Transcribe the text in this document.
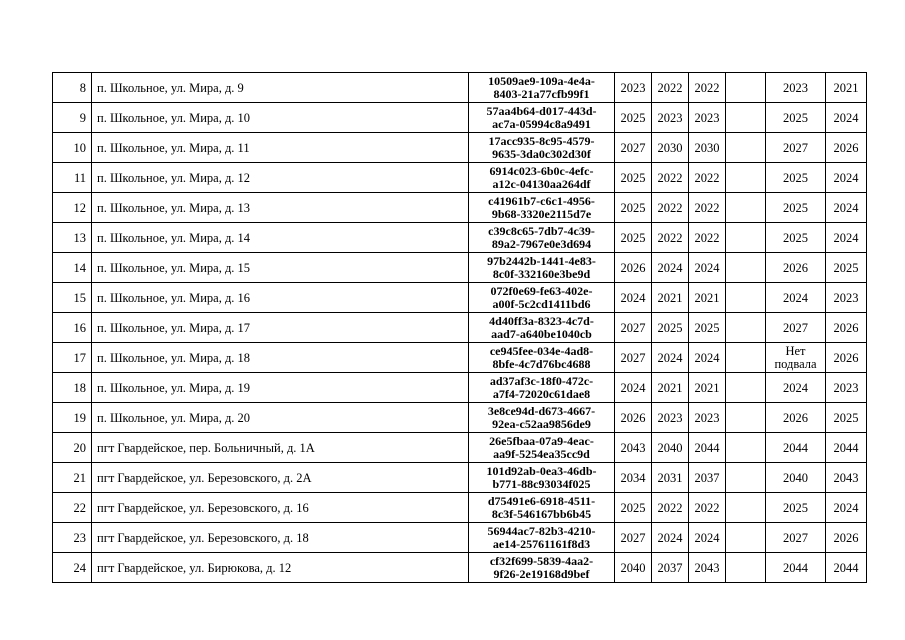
8	п. Школьное, ул. Мира, д. 9	10509ae9-109a-4e4a-
8403-21a77cfb99f1	2023	2022	2022		2023	2021
9	п. Школьное, ул. Мира, д. 10	57aa4b64-d017-443d-
ac7a-05994c8a9491	2025	2023	2023		2025	2024
10	п. Школьное, ул. Мира, д. 11	17acc935-8c95-4579-
9635-3da0c302d30f	2027	2030	2030		2027	2026
11	п. Школьное, ул. Мира, д. 12	6914c023-6b0c-4efc-
a12c-04130aa264df	2025	2022	2022		2025	2024
12	п. Школьное, ул. Мира, д. 13	c41961b7-c6c1-4956-
9b68-3320e2115d7e	2025	2022	2022		2025	2024
13	п. Школьное, ул. Мира, д. 14	c39c8c65-7db7-4c39-
89a2-7967e0e3d694	2025	2022	2022		2025	2024
14	п. Школьное, ул. Мира, д. 15	97b2442b-1441-4e83-
8c0f-332160e3be9d	2026	2024	2024		2026	2025
15	п. Школьное, ул. Мира, д. 16	072f0e69-fe63-402e-
a00f-5c2cd1411bd6	2024	2021	2021		2024	2023
16	п. Школьное, ул. Мира, д. 17	4d40ff3a-8323-4c7d-
aad7-a640be1040cb	2027	2025	2025		2027	2026
17	п. Школьное, ул. Мира, д. 18	ce945fee-034e-4ad8-
8bfe-4c7d76bc4688	2027	2024	2024		Нет подвала	2026
18	п. Школьное, ул. Мира, д. 19	ad37af3c-18f0-472c-
a7f4-72020c61dae8	2024	2021	2021		2024	2023
19	п. Школьное, ул. Мира, д. 20	3e8ce94d-d673-4667-
92ea-c52aa9856de9	2026	2023	2023		2026	2025
20	пгт Гвардейское, пер. Больничный, д. 1А	26e5fbaa-07a9-4eac-
aa9f-5254ea35cc9d	2043	2040	2044		2044	2044
21	пгт Гвардейское, ул. Березовского, д. 2А	101d92ab-0ea3-46db-
b771-88c93034f025	2034	2031	2037		2040	2043
22	пгт Гвардейское, ул. Березовского, д. 16	d75491e6-6918-4511-
8c3f-546167bb6b45	2025	2022	2022		2025	2024
23	пгт Гвардейское, ул. Березовского, д. 18	56944ac7-82b3-4210-
ae14-25761161f8d3	2027	2024	2024		2027	2026
24	пгт Гвардейское, ул. Бирюкова, д. 12	cf32f699-5839-4aa2-
9f26-2e19168d9bef	2040	2037	2043		2044	2044
